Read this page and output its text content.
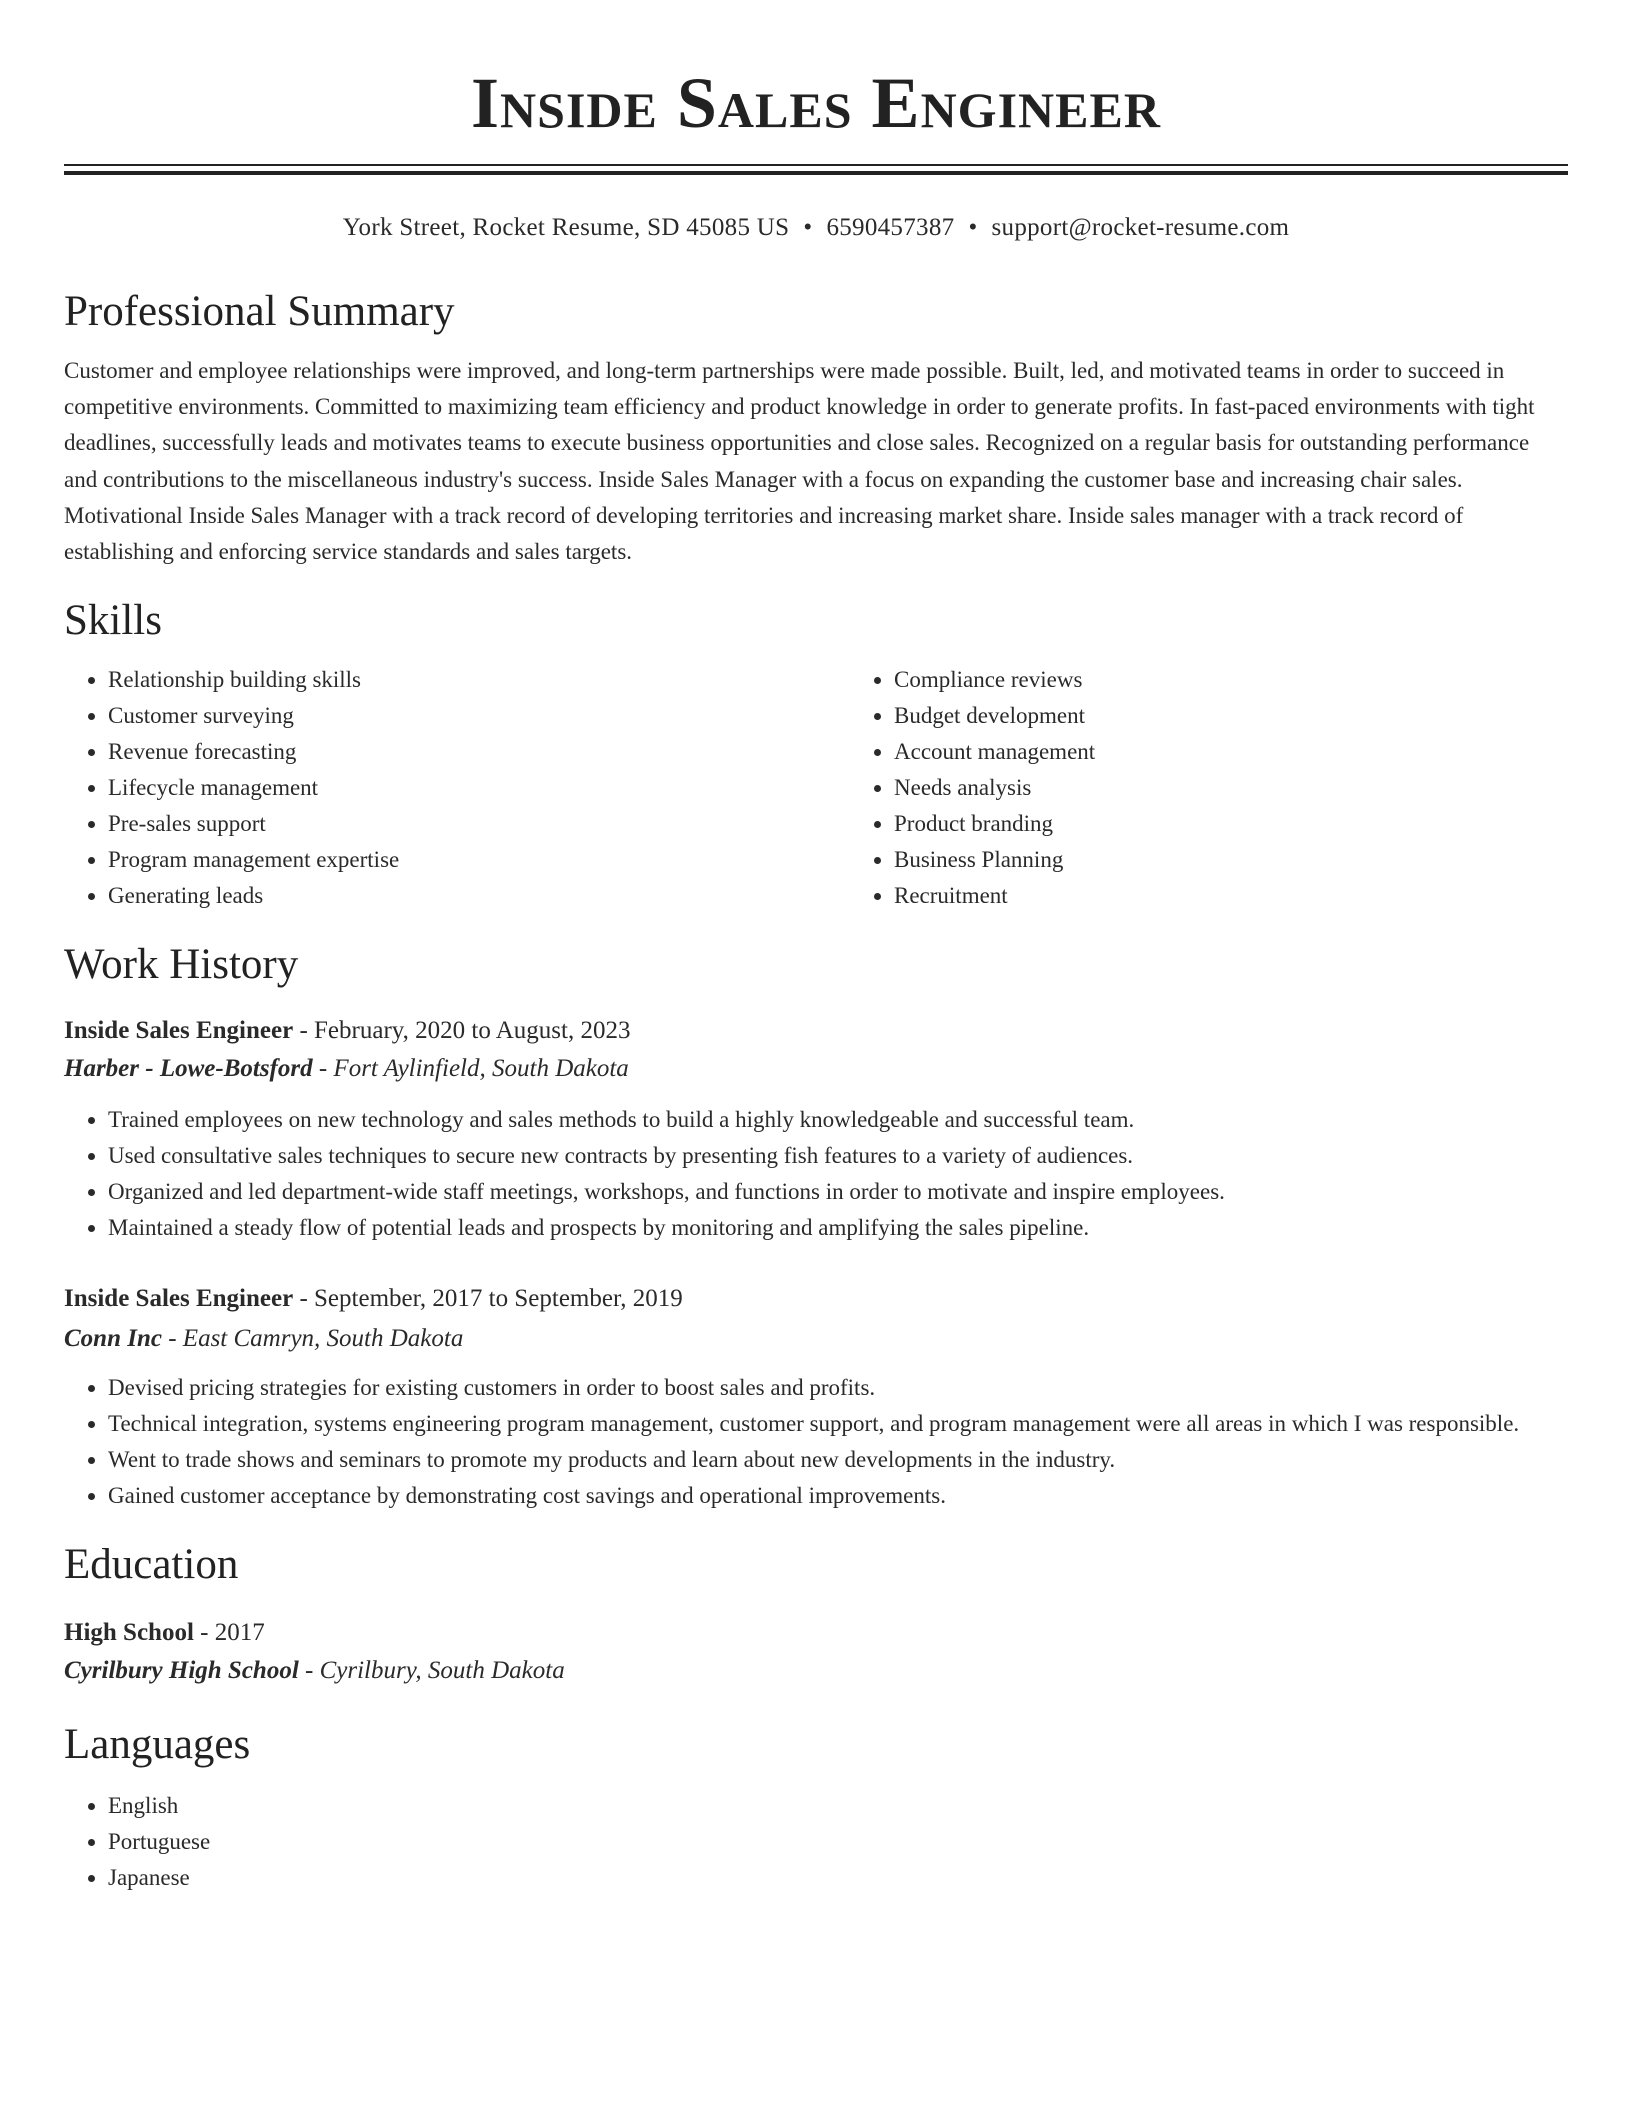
Inside Sales Engineer
York Street, Rocket Resume, SD 45085 US • 6590457387 • support@rocket-resume.com
Professional Summary

Customer and employee relationships were improved, and long-term partnerships were made possible. Built, led, and motivated teams in order to succeed in competitive environments. Committed to maximizing team efficiency and product knowledge in order to generate profits. In fast-paced environments with tight deadlines, successfully leads and motivates teams to execute business opportunities and close sales. Recognized on a regular basis for outstanding performance and contributions to the miscellaneous industry's success. Inside Sales Manager with a focus on expanding the customer base and increasing chair sales. Motivational Inside Sales Manager with a track record of developing territories and increasing market share. Inside sales manager with a track record of establishing and enforcing service standards and sales targets.

Skills
• Relationship building skills
• Customer surveying
• Revenue forecasting
• Lifecycle management
• Pre-sales support
• Program management expertise
• Generating leads
• Compliance reviews
• Budget development
• Account management
• Needs analysis
• Product branding
• Business Planning
• Recruitment
Work History
Inside Sales Engineer - February, 2020 to August, 2023
Harber - Lowe-Botsford - Fort Aylinfield, South Dakota
• Trained employees on new technology and sales methods to build a highly knowledgeable and successful team.
• Used consultative sales techniques to secure new contracts by presenting fish features to a variety of audiences.
• Organized and led department-wide staff meetings, workshops, and functions in order to motivate and inspire employees.
• Maintained a steady flow of potential leads and prospects by monitoring and amplifying the sales pipeline.
Inside Sales Engineer - September, 2017 to September, 2019
Conn Inc - East Camryn, South Dakota
• Devised pricing strategies for existing customers in order to boost sales and profits.
• Technical integration, systems engineering program management, customer support, and program management were all areas in which I was responsible.
• Went to trade shows and seminars to promote my products and learn about new developments in the industry.
• Gained customer acceptance by demonstrating cost savings and operational improvements.
Education
High School - 2017
Cyrilbury High School - Cyrilbury, South Dakota
Languages
• English
• Portuguese
• Japanese
